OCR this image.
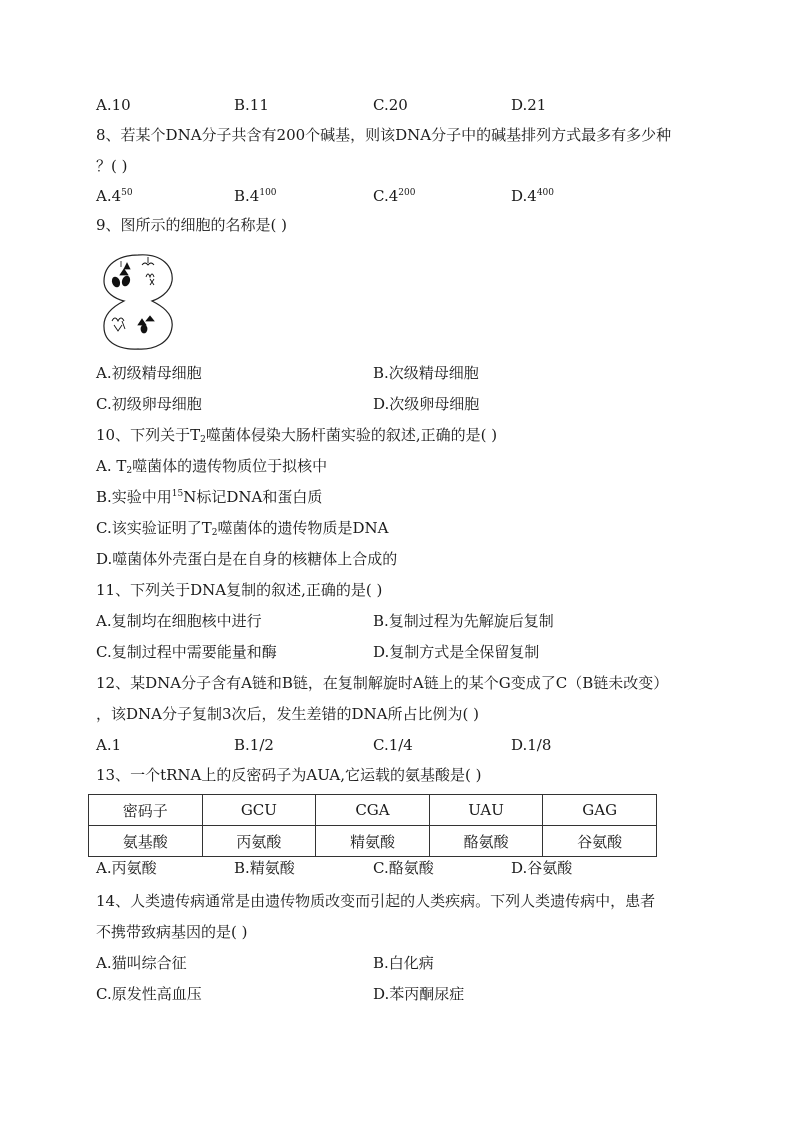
A.10	B.11	C.20	D.21
8、若某个DNA分子共含有200个碱基，则该DNA分子中的碱基排列方式最多有多少种
？( )
$A.4^{50}$	$B.4^{100}$	$C.4^{200}$	$D.4^{400}$
9、图所示的细胞的名称是( )
A.初级精母细胞	B.次级精母细胞
C.初级卵母细胞	D.次级卵母细胞
10、下列关于$T_2$噬菌体侵染大肠杆菌实验的叙述,正确的是( )
A. $T_2$噬菌体的遗传物质位于拟核中
B.实验中用$^{15}$N标记DNA和蛋白质
C.该实验证明了$T_2$噬菌体的遗传物质是DNA
D.噬菌体外壳蛋白是在自身的核糖体上合成的
11、下列关于DNA复制的叙述,正确的是( )
A.复制均在细胞核中进行	B.复制过程为先解旋后复制
C.复制过程中需要能量和酶	D.复制方式是全保留复制
12、某DNA分子含有A链和B链，在复制解旋时A链上的某个G变成了C（B链未改变）
，该DNA分子复制3次后，发生差错的DNA所占比例为( )
A.1	B.1/2	C.1/4	D.1/8
13、一个tRNA上的反密码子为AUA,它运载的氨基酸是( )
密码子	GCU	CGA	UAU	GAG
氨基酸	丙氨酸	精氨酸	酪氨酸	谷氨酸
A.丙氨酸	B.精氨酸	C.酪氨酸	D.谷氨酸
14、人类遗传病通常是由遗传物质改变而引起的人类疾病。下列人类遗传病中，患者
不携带致病基因的是( )
A.猫叫综合征	B.白化病
C.原发性高血压	D.苯丙酮尿症
